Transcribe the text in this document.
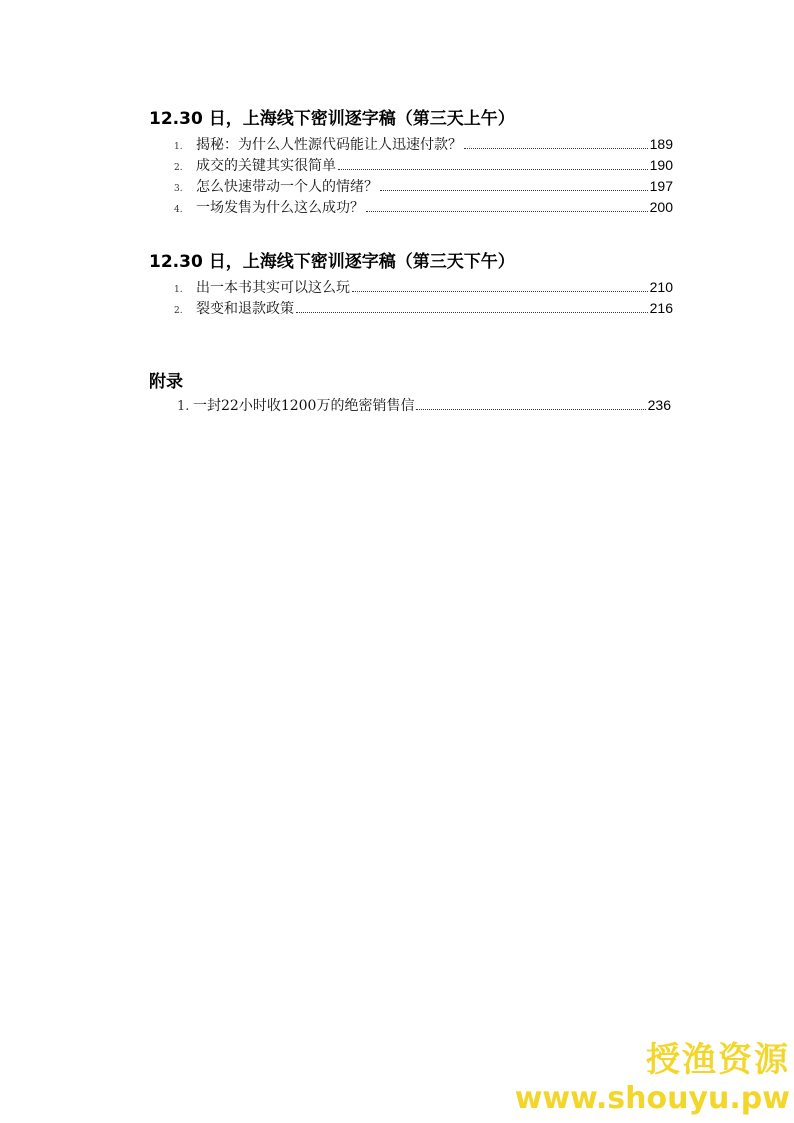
12.30 日，上海线下密训逐字稿（第三天上午）
1. 揭秘：为什么人性源代码能让人迅速付款？	189
2. 成交的关键其实很简单	190
3. 怎么快速带动一个人的情绪？	197
4. 一场发售为什么这么成功？	200
12.30 日，上海线下密训逐字稿（第三天下午）
1. 出一本书其实可以这么玩	210
2. 裂变和退款政策	216
附录
1. 一封22小时收1200万的绝密销售信	236
授渔资源
www.shouyu.pw
